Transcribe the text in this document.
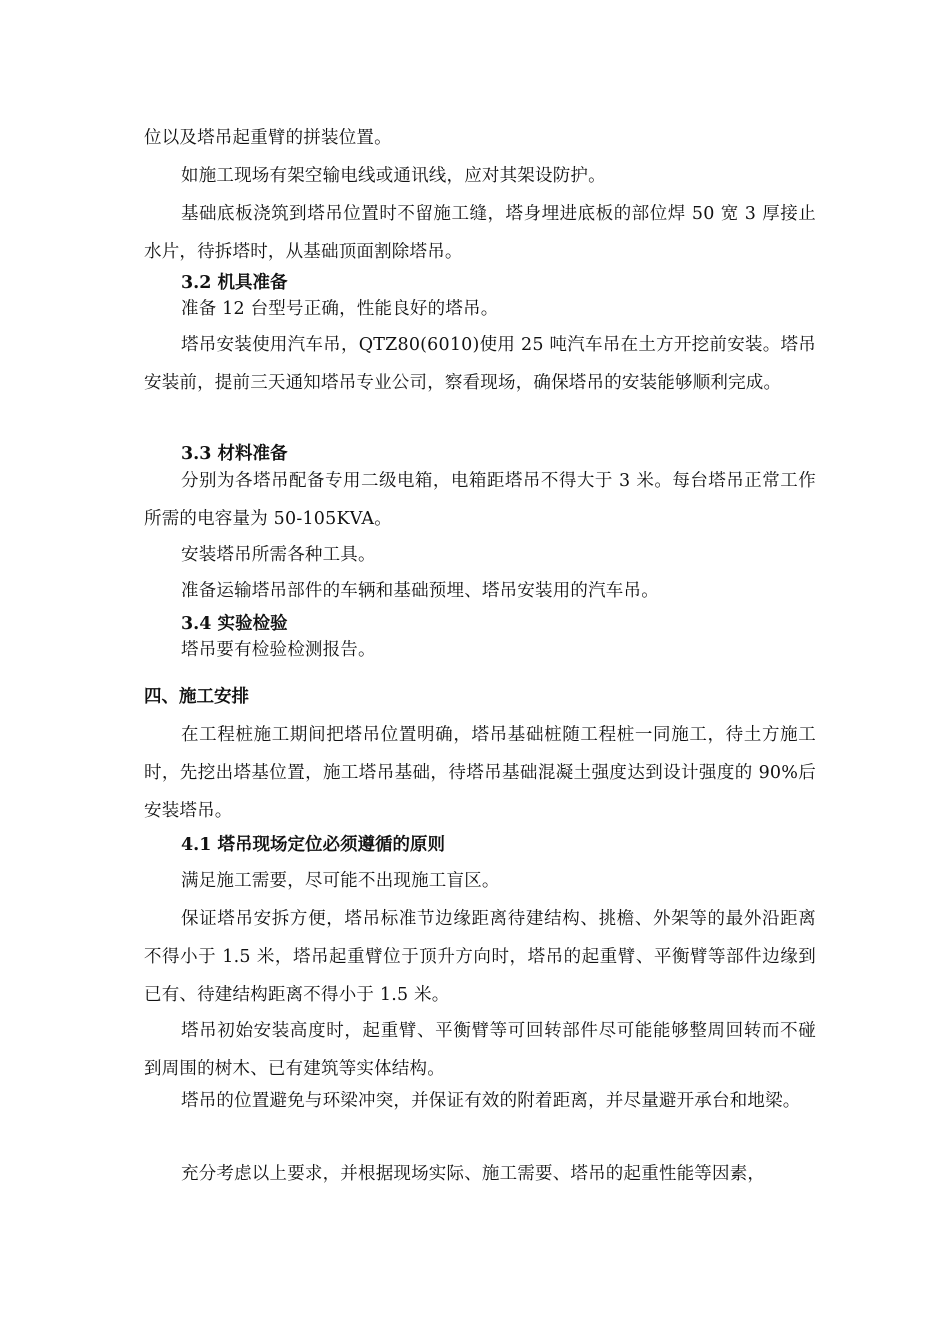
位以及塔吊起重臂的拼装位置。

如施工现场有架空输电线或通讯线，应对其架设防护。

基础底板浇筑到塔吊位置时不留施工缝，塔身埋进底板的部位焊 50 宽 3 厚接止水片，待拆塔时，从基础顶面割除塔吊。

3.2 机具准备

准备 12 台型号正确，性能良好的塔吊。

塔吊安装使用汽车吊，QTZ80(6010)使用 25 吨汽车吊在土方开挖前安装。塔吊安装前，提前三天通知塔吊专业公司，察看现场，确保塔吊的安装能够顺利完成。

3.3 材料准备

分别为各塔吊配备专用二级电箱，电箱距塔吊不得大于 3 米。每台塔吊正常工作所需的电容量为 50-105KVA。

安装塔吊所需各种工具。

准备运输塔吊部件的车辆和基础预埋、塔吊安装用的汽车吊。

3.4 实验检验

塔吊要有检验检测报告。

四、施工安排

在工程桩施工期间把塔吊位置明确，塔吊基础桩随工程桩一同施工，待土方施工时，先挖出塔基位置，施工塔吊基础，待塔吊基础混凝土强度达到设计强度的 90%后安装塔吊。

4.1 塔吊现场定位必须遵循的原则

满足施工需要，尽可能不出现施工盲区。

保证塔吊安拆方便，塔吊标准节边缘距离待建结构、挑檐、外架等的最外沿距离不得小于 1.5 米，塔吊起重臂位于顶升方向时，塔吊的起重臂、平衡臂等部件边缘到已有、待建结构距离不得小于 1.5 米。

塔吊初始安装高度时，起重臂、平衡臂等可回转部件尽可能能够整周回转而不碰到周围的树木、已有建筑等实体结构。

塔吊的位置避免与环梁冲突，并保证有效的附着距离，并尽量避开承台和地梁。

充分考虑以上要求，并根据现场实际、施工需要、塔吊的起重性能等因素，
